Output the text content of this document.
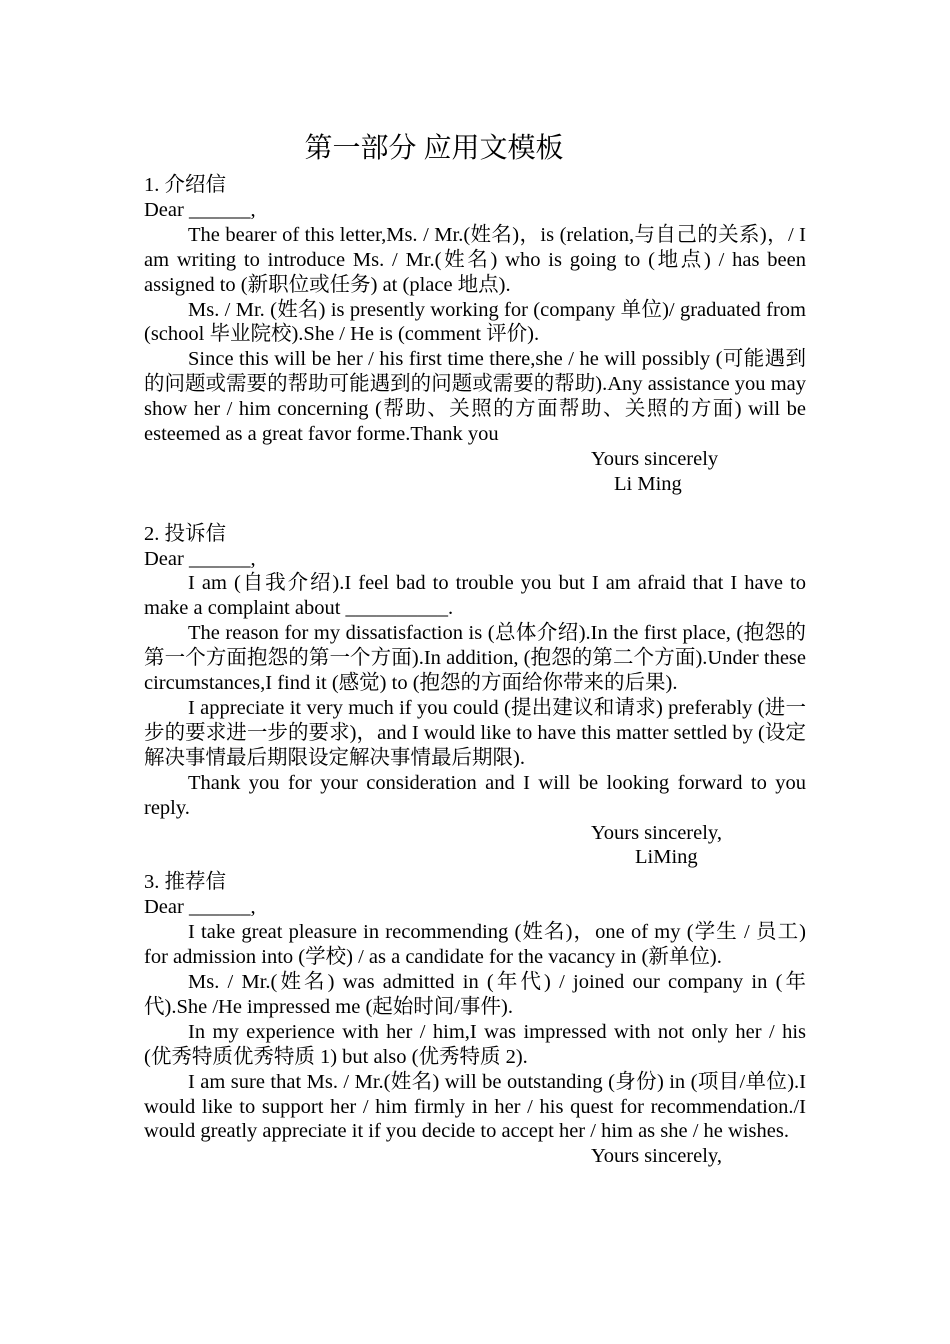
第一部分 应用文模板

1. 介绍信

Dear ______,

The bearer of this letter,Ms. / Mr.(姓名)，is (relation,与自己的关系)，/ I am writing to introduce Ms. / Mr.(姓名) who is going to (地点) / has been assigned to (新职位或任务) at (place 地点).

Ms. / Mr. (姓名) is presently working for (company 单位)/ graduated from (school 毕业院校).She / He is (comment 评价).

Since this will be her / his first time there,she / he will possibly (可能遇到的问题或需要的帮助可能遇到的问题或需要的帮助).Any assistance you may show her / him concerning (帮助、关照的方面帮助、关照的方面) will be esteemed as a great favor forme.Thank you

Yours sincerely

Li Ming

2. 投诉信

Dear ______,

I am (自我介绍).I feel bad to trouble you but I am afraid that I have to make a complaint about __________.

The reason for my dissatisfaction is (总体介绍).In the first place, (抱怨的第一个方面抱怨的第一个方面).In addition, (抱怨的第二个方面).Under these circumstances,I find it (感觉) to (抱怨的方面给你带来的后果).

I appreciate it very much if you could (提出建议和请求) preferably (进一步的要求进一步的要求)，and I would like to have this matter settled by (设定解决事情最后期限设定解决事情最后期限).

Thank you for your consideration and I will be looking forward to you reply.

Yours sincerely,

LiMing

3. 推荐信

Dear ______,

I take great pleasure in recommending (姓名)，one of my (学生 / 员工) for admission into (学校) / as a candidate for the vacancy in (新单位).

Ms. / Mr.(姓名) was admitted in (年代) / joined our company in (年代).She /He impressed me (起始时间/事件).

In my experience with her / him,I was impressed with not only her / his (优秀特质优秀特质 1) but also (优秀特质 2).

I am sure that Ms. / Mr.(姓名) will be outstanding (身份) in (项目/单位).I would like to support her / him firmly in her / his quest for recommendation./I would greatly appreciate it if you decide to accept her / him as she / he wishes.

Yours sincerely,
